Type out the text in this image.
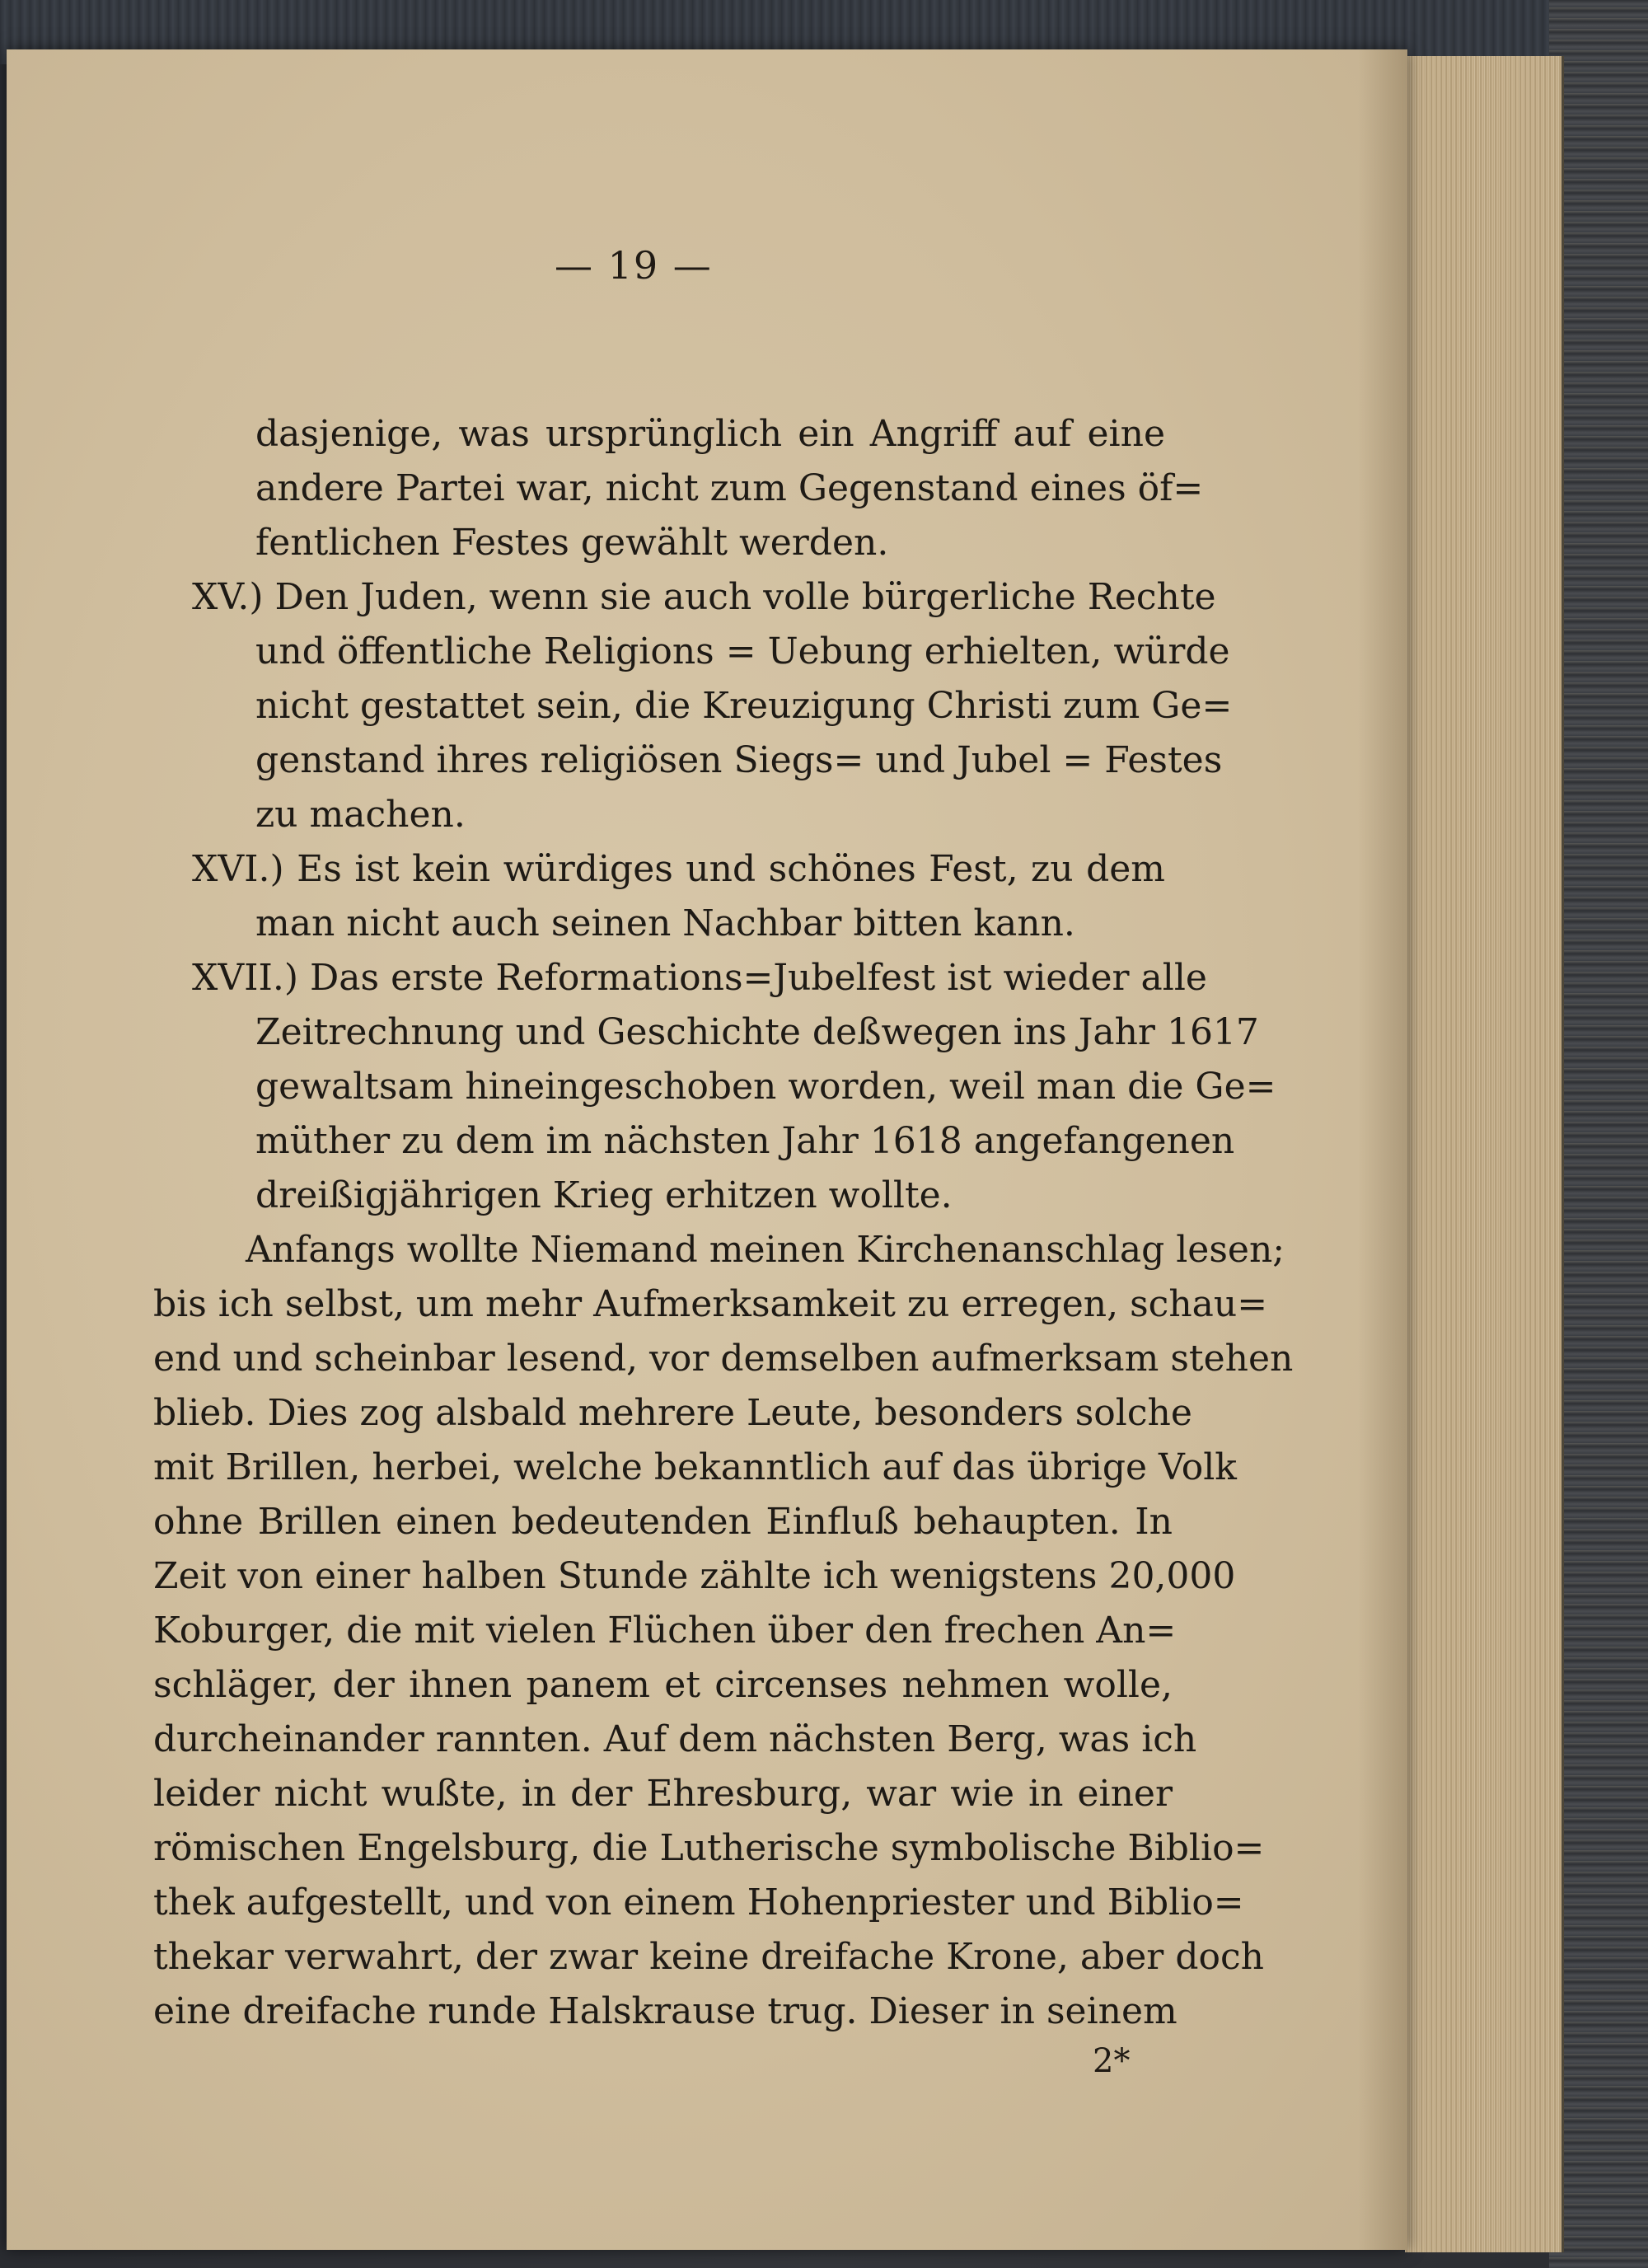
— 19 —
dasjenige, was ursprünglich ein Angriff auf eine
andere Partei war, nicht zum Gegenstand eines öf=
fentlichen Festes gewählt werden.
XV.) Den Juden, wenn sie auch volle bürgerliche Rechte
und öffentliche Religions = Uebung erhielten, würde
nicht gestattet sein, die Kreuzigung Christi zum Ge=
genstand ihres religiösen Siegs= und Jubel = Festes
zu machen.
XVI.) Es ist kein würdiges und schönes Fest, zu dem
man nicht auch seinen Nachbar bitten kann.
XVII.) Das erste Reformations=Jubelfest ist wieder alle
Zeitrechnung und Geschichte deßwegen ins Jahr 1617
gewaltsam hineingeschoben worden, weil man die Ge=
müther zu dem im nächsten Jahr 1618 angefangenen
dreißigjährigen Krieg erhitzen wollte.
Anfangs wollte Niemand meinen Kirchenanschlag lesen;
bis ich selbst, um mehr Aufmerksamkeit zu erregen, schau=
end und scheinbar lesend, vor demselben aufmerksam stehen
blieb. Dies zog alsbald mehrere Leute, besonders solche
mit Brillen, herbei, welche bekanntlich auf das übrige Volk
ohne Brillen einen bedeutenden Einfluß behaupten. In
Zeit von einer halben Stunde zählte ich wenigstens 20,000
Koburger, die mit vielen Flüchen über den frechen An=
schläger, der ihnen panem et circenses nehmen wolle,
durcheinander rannten. Auf dem nächsten Berg, was ich
leider nicht wußte, in der Ehresburg, war wie in einer
römischen Engelsburg, die Lutherische symbolische Biblio=
thek aufgestellt, und von einem Hohenpriester und Biblio=
thekar verwahrt, der zwar keine dreifache Krone, aber doch
eine dreifache runde Halskrause trug. Dieser in seinem
2*
